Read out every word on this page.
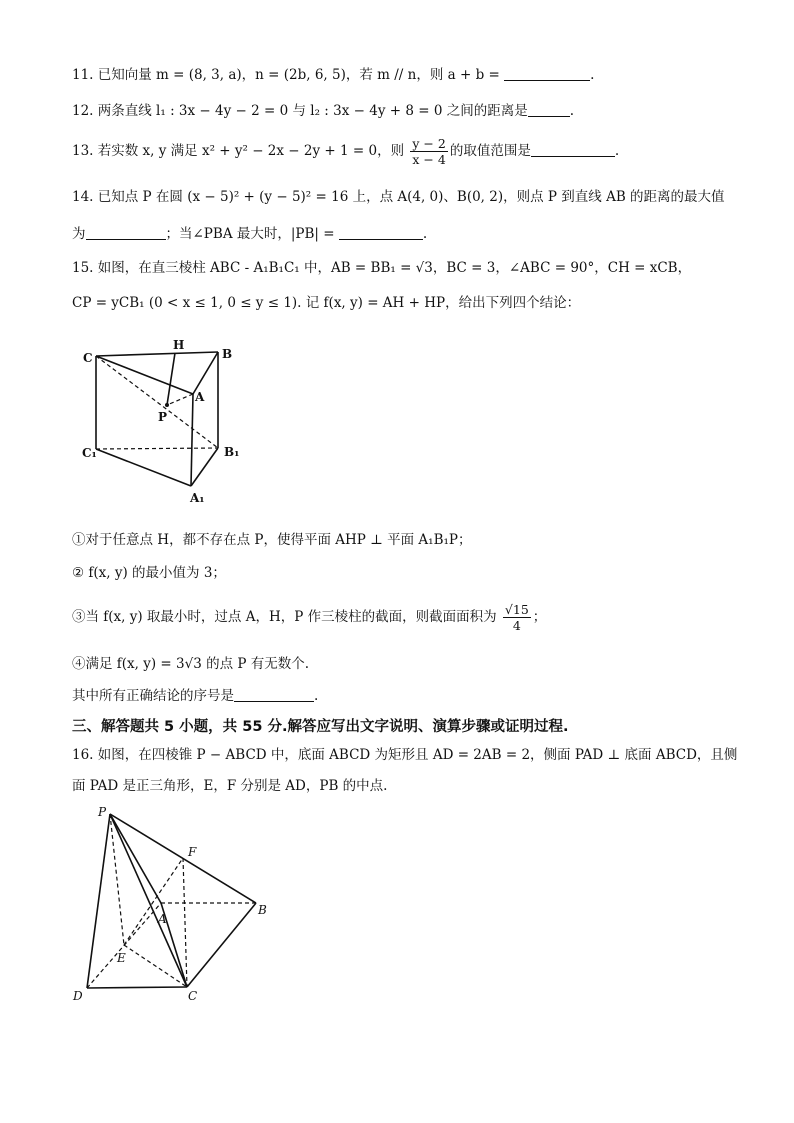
11. 已知向量 m = (8, 3, a)，n = (2b, 6, 5)，若 m // n，则 a + b =	.
12. 两条直线 l₁ : 3x − 4y − 2 = 0 与 l₂ : 3x − 4y + 8 = 0 之间的距离是	.
13. 若实数 x, y 满足 x² + y² − 2x − 2y + 1 = 0，则 $\frac{y - 2}{x - 4}$ 的取值范围是	.
14. 已知点 P 在圆 (x − 5)² + (y − 5)² = 16 上，点 A(4, 0)、B(0, 2)，则点 P 到直线 AB 的距离的最大值
为	；当∠PBA 最大时，|PB| =	.
15. 如图，在直三棱柱 ABC - A₁B₁C₁ 中，AB = BB₁ = √3，BC = 3，∠ABC = 90°，CH = xCB，
CP = yCB₁ (0 < x ≤ 1, 0 ≤ y ≤ 1). 记 f(x, y) = AH + HP，给出下列四个结论：
C
H
B
A
P
C₁	B₁
A₁
①对于任意点 H，都不存在点 P，使得平面 AHP ⊥ 平面 A₁B₁P；
② f(x, y) 的最小值为 3；
③当 f(x, y) 取最小时，过点 A，H，P 作三棱柱的截面，则截面面积为 $\frac{√15}{4}$ ；
④满足 f(x, y) = 3√3 的点 P 有无数个.
其中所有正确结论的序号是	.
三、解答题共 5 小题，共 55 分.解答应写出文字说明、演算步骤或证明过程.
16. 如图，在四棱锥 P − ABCD 中，底面 ABCD 为矩形且 AD = 2AB = 2，侧面 PAD ⊥ 底面 ABCD，且侧
面 PAD 是正三角形，E，F 分别是 AD，PB 的中点.
P
F
A
B
E
D	C
